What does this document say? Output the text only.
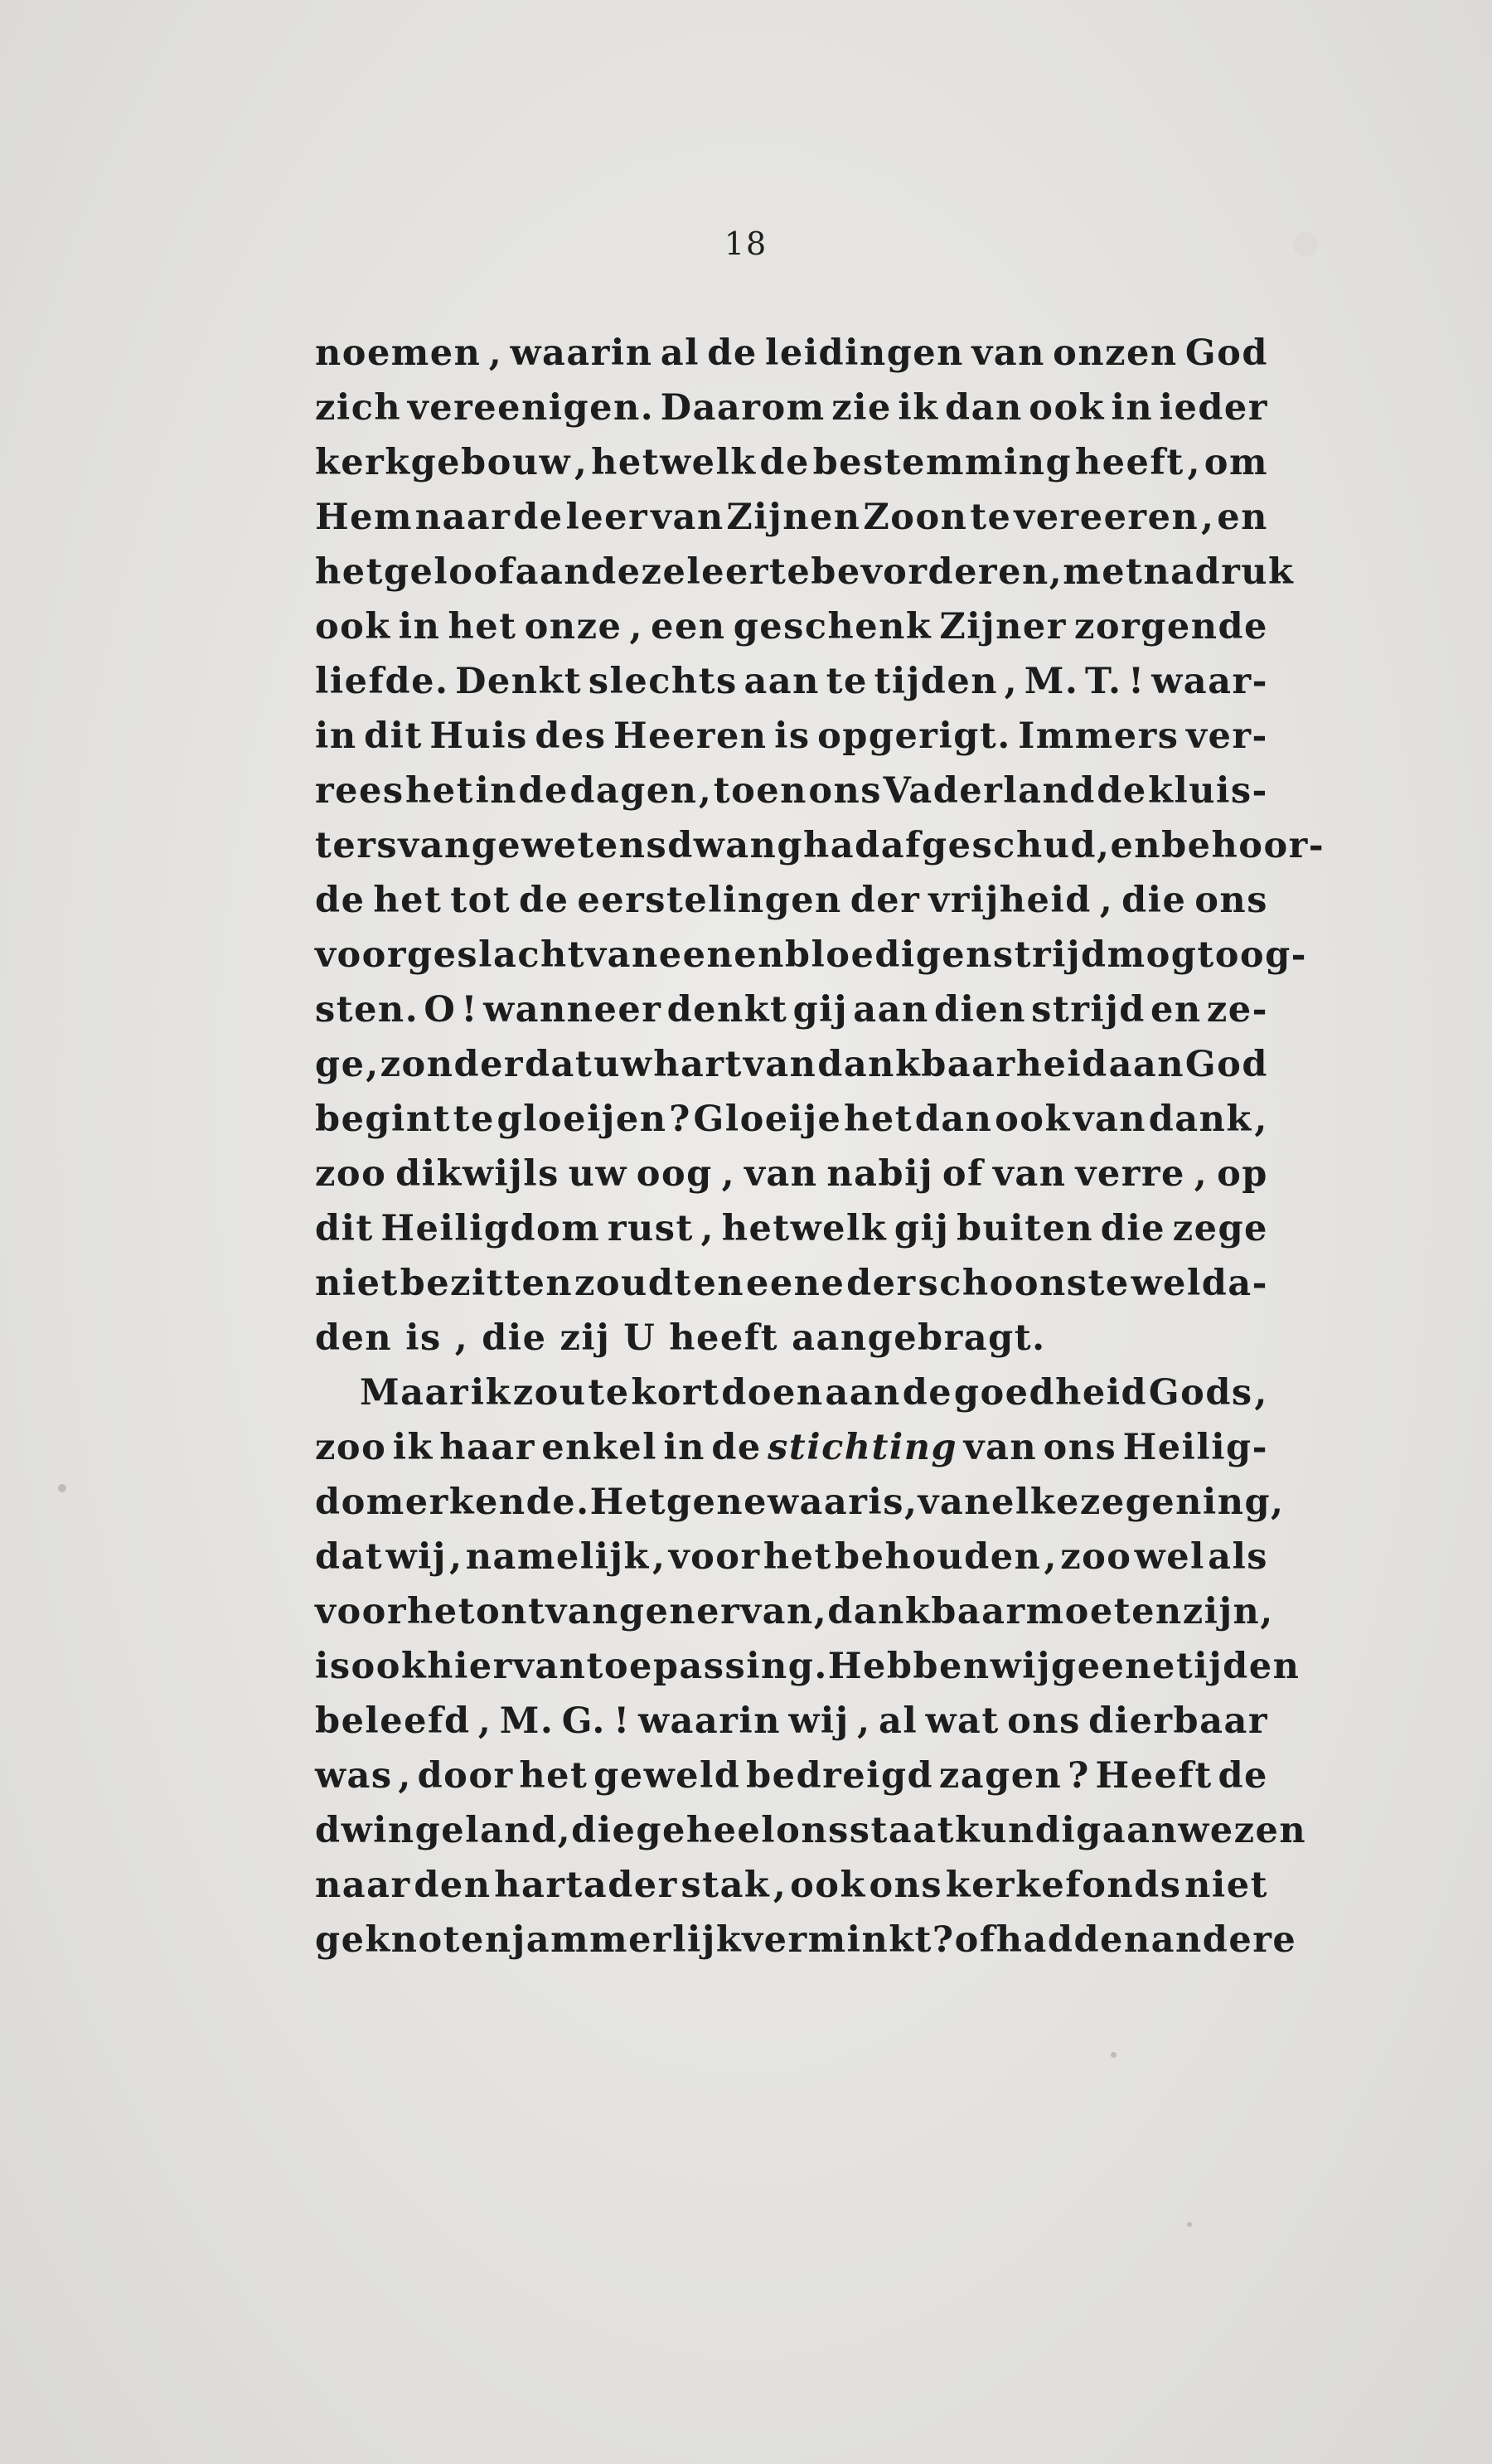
18
noemen , waarin al de leidingen van onzen God
zich vereenigen. Daarom zie ik dan ook in ieder
kerkgebouw , hetwelk de bestemming heeft , om
Hem naar de leer van Zijnen Zoon te vereeren , en
het geloof aan deze leer te bevorderen , met nadruk
ook in het onze , een geschenk Zijner zorgende
liefde. Denkt slechts aan te tijden , M. T. ! waar-
in dit Huis des Heeren is opgerigt. Immers ver-
rees het in de dagen , toen ons Vaderland de kluis-
ters van gewetensdwang had afgeschud , en behoor-
de het tot de eerstelingen der vrijheid , die ons
voorgeslacht van eenen bloedigen strijd mogt oog-
sten. O ! wanneer denkt gij aan dien strijd en ze-
ge , zonder dat uw hart van dankbaarheid aan God
begint te gloeijen ? Gloeije het dan ook van dank ,
zoo dikwijls uw oog , van nabij of van verre , op
dit Heiligdom rust , hetwelk gij buiten die zege
niet bezitten zoudt en eene der schoonste welda-
den is , die zij U heeft aangebragt.
Maar ik zou te kort doen aan de goedheid Gods ,
zoo ik haar enkel in de stichting van ons Heilig-
dom erkende. Hetgene waar is , van elke zegening ,
dat wij , namelijk , voor het behouden , zoo wel als
voor het ontvangen er van , dankbaar moeten zijn ,
is ook hier van toepassing. Hebben wij geene tijden
beleefd , M. G. ! waarin wij , al wat ons dierbaar
was , door het geweld bedreigd zagen ? Heeft de
dwingeland , die geheel ons staatkundig aanwezen
naar den hartader stak , ook ons kerkefonds niet
geknot en jammerlijk verminkt ? of hadden andere
